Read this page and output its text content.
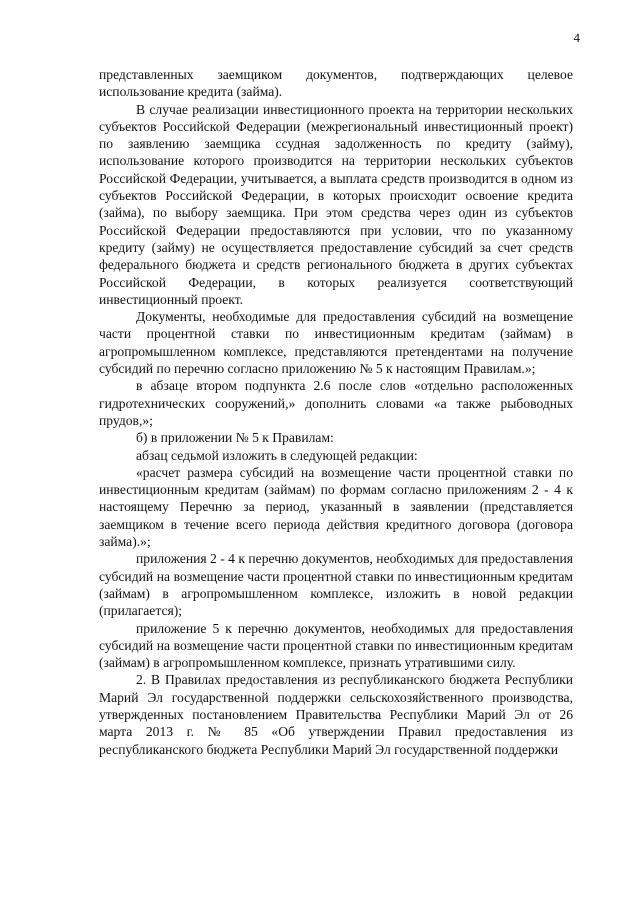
4

представленных заемщиком документов, подтверждающих целевое использование кредита (займа).

В случае реализации инвестиционного проекта на территории нескольких субъектов Российской Федерации (межрегиональный инвестиционный проект) по заявлению заемщика ссудная задолженность по кредиту (займу), использование которого производится на территории нескольких субъектов Российской Федерации, учитывается, а выплата средств производится в одном из субъектов Российской Федерации, в которых происходит освоение кредита (займа), по выбору заемщика. При этом средства через один из субъектов Российской Федерации предоставляются при условии, что по указанному кредиту (займу) не осуществляется предоставление субсидий за счет средств федерального бюджета и средств регионального бюджета в других субъектах Российской Федерации, в которых реализуется соответствующий инвестиционный проект.

Документы, необходимые для предоставления субсидий на возмещение части процентной ставки по инвестиционным кредитам (займам) в агропромышленном комплексе, представляются претендентами на получение субсидий по перечню согласно приложению № 5 к настоящим Правилам.»;

в абзаце втором подпункта 2.6 после слов «отдельно расположенных гидротехнических сооружений,» дополнить словами «а также рыбоводных прудов,»;

б) в приложении № 5 к Правилам:

абзац седьмой изложить в следующей редакции:

«расчет размера субсидий на возмещение части процентной ставки по инвестиционным кредитам (займам) по формам согласно приложениям 2 - 4 к настоящему Перечню за период, указанный в заявлении (представляется заемщиком в течение всего периода действия кредитного договора (договора займа).»;

приложения 2 - 4 к перечню документов, необходимых для предоставления субсидий на возмещение части процентной ставки по инвестиционным кредитам (займам) в агропромышленном комплексе, изложить в новой редакции (прилагается);

приложение 5 к перечню документов, необходимых для предоставления субсидий на возмещение части процентной ставки по инвестиционным кредитам (займам) в агропромышленном комплексе, признать утратившими силу.

2. В Правилах предоставления из республиканского бюджета Республики Марий Эл государственной поддержки сельскохозяйственного производства, утвержденных постановлением Правительства Республики Марий Эл от 26 марта 2013 г. № 85 «Об утверждении Правил предоставления из республиканского бюджета Республики Марий Эл государственной поддержки
